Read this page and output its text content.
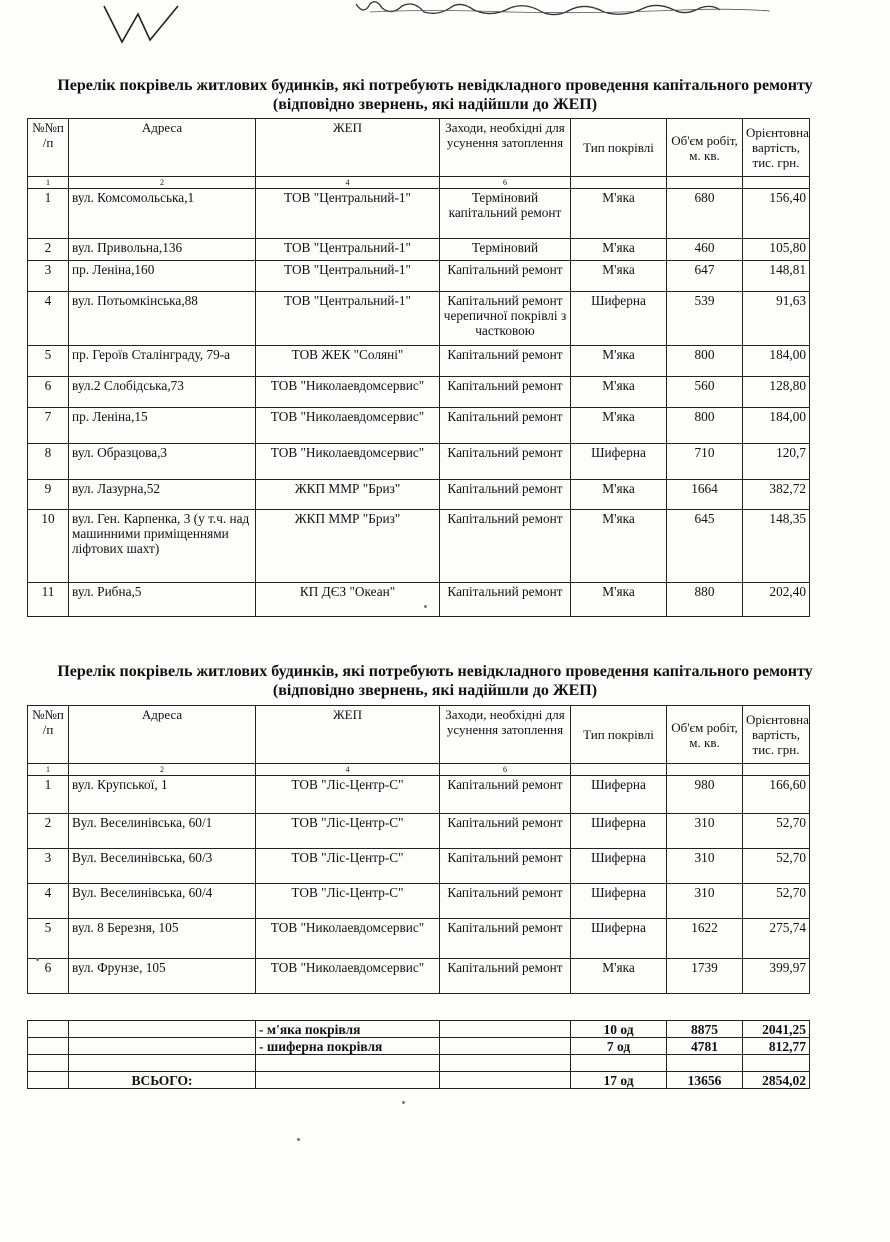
Перелік покрівель житлових будинків, які потребують невідкладного проведення капітального ремонту (відповідно звернень, які надійшли до ЖЕП)
№№п /п	Адреса	ЖЕП	Заходи, необхідні для усунення затоплення	Тип покрівлі	Об'єм робіт, м. кв.	Орієнтовна вартість, тис. грн.
1	2	4	6			
1	вул. Комсомольська,1	ТОВ "Центральний-1"	Терміновий капітальний ремонт	М'яка	680	156,40
2	вул. Привольна,136	ТОВ "Центральний-1"	Терміновий	М'яка	460	105,80
3	пр. Леніна,160	ТОВ "Центральний-1"	Капітальний ремонт	М'яка	647	148,81
4	вул. Потьомкінська,88	ТОВ "Центральний-1"	Капітальний ремонт черепичної покрівлі з частковою	Шиферна	539	91,63
5	пр. Героїв Сталінграду, 79-а	ТОВ ЖЕК "Соляні"	Капітальний ремонт	М'яка	800	184,00
6	вул.2 Слобідська,73	ТОВ "Николаевдомсервис"	Капітальний ремонт	М'яка	560	128,80
7	пр. Леніна,15	ТОВ "Николаевдомсервис"	Капітальний ремонт	М'яка	800	184,00
8	вул. Образцова,3	ТОВ "Николаевдомсервис"	Капітальний ремонт	Шиферна	710	120,7
9	вул. Лазурна,52	ЖКП ММР "Бриз"	Капітальний ремонт	М'яка	1664	382,72
10	вул. Ген. Карпенка, 3 (у т.ч. над машинними приміщеннями ліфтових шахт)	ЖКП ММР "Бриз"	Капітальний ремонт	М'яка	645	148,35
11	вул. Рибна,5	КП ДЄЗ "Океан"	Капітальний ремонт	М'яка	880	202,40
Перелік покрівель житлових будинків, які потребують невідкладного проведення капітального ремонту (відповідно звернень, які надійшли до ЖЕП)
№№п /п	Адреса	ЖЕП	Заходи, необхідні для усунення затоплення	Тип покрівлі	Об'єм робіт, м. кв.	Орієнтовна вартість, тис. грн.
1	2	4	6			
1	вул. Крупської, 1	ТОВ "Ліс-Центр-С"	Капітальний ремонт	Шиферна	980	166,60
2	Вул. Веселинівська, 60/1	ТОВ "Ліс-Центр-С"	Капітальний ремонт	Шиферна	310	52,70
3	Вул. Веселинівська, 60/3	ТОВ "Ліс-Центр-С"	Капітальний ремонт	Шиферна	310	52,70
4	Вул. Веселинівська, 60/4	ТОВ "Ліс-Центр-С"	Капітальний ремонт	Шиферна	310	52,70
5	вул. 8 Березня, 105	ТОВ "Николаевдомсервис"	Капітальний ремонт	Шиферна	1622	275,74
6	вул. Фрунзе, 105	ТОВ "Николаевдомсервис"	Капітальний ремонт	М'яка	1739	399,97
		- м'яка покрівля		10 од	8875	2041,25
		- шиферна покрівля		7 од	4781	812,77

	ВСЬОГО:			17 од	13656	2854,02
